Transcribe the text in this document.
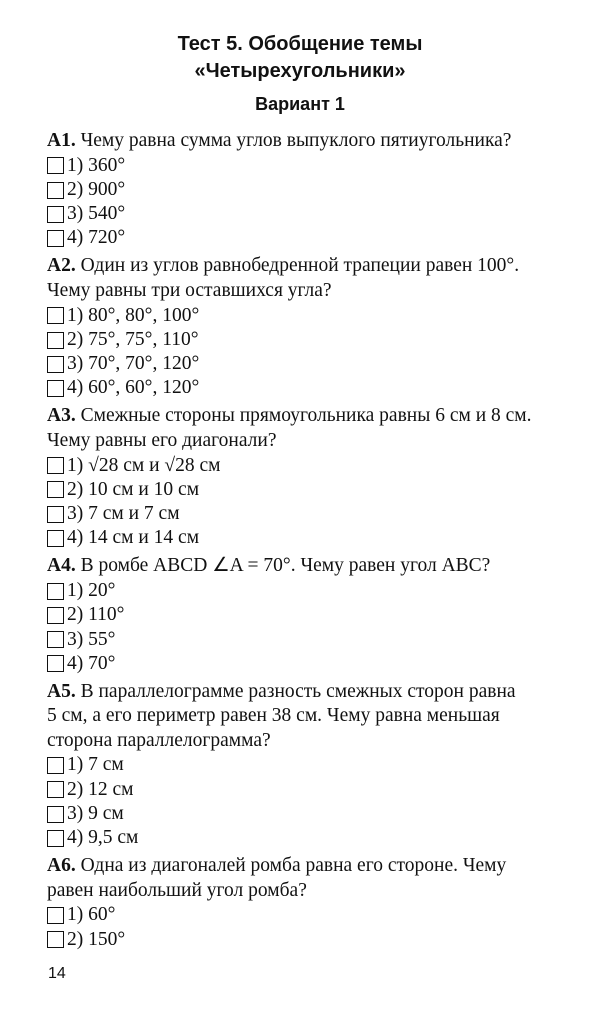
Тест 5. Обобщение темы
«Четырехугольники»
Вариант 1
A1. Чему равна сумма углов выпуклого пятиугольника?
1) 360°
2) 900°
3) 540°
4) 720°
A2. Один из углов равнобедренной трапеции равен 100°.
Чему равны три оставшихся угла?
1) 80°, 80°, 100°
2) 75°, 75°, 110°
3) 70°, 70°, 120°
4) 60°, 60°, 120°
A3. Смежные стороны прямоугольника равны 6 см и 8 см.
Чему равны его диагонали?
1) √28 см и √28 см
2) 10 см и 10 см
3) 7 см и 7 см
4) 14 см и 14 см
A4. В ромбе ABCD ∠A = 70°. Чему равен угол ABC?
1) 20°
2) 110°
3) 55°
4) 70°
A5. В параллелограмме разность смежных сторон равна
5 см, а его периметр равен 38 см. Чему равна меньшая
сторона параллелограмма?
1) 7 см
2) 12 см
3) 9 см
4) 9,5 см
A6. Одна из диагоналей ромба равна его стороне. Чему
равен наибольший угол ромба?
1) 60°
2) 150°
14
